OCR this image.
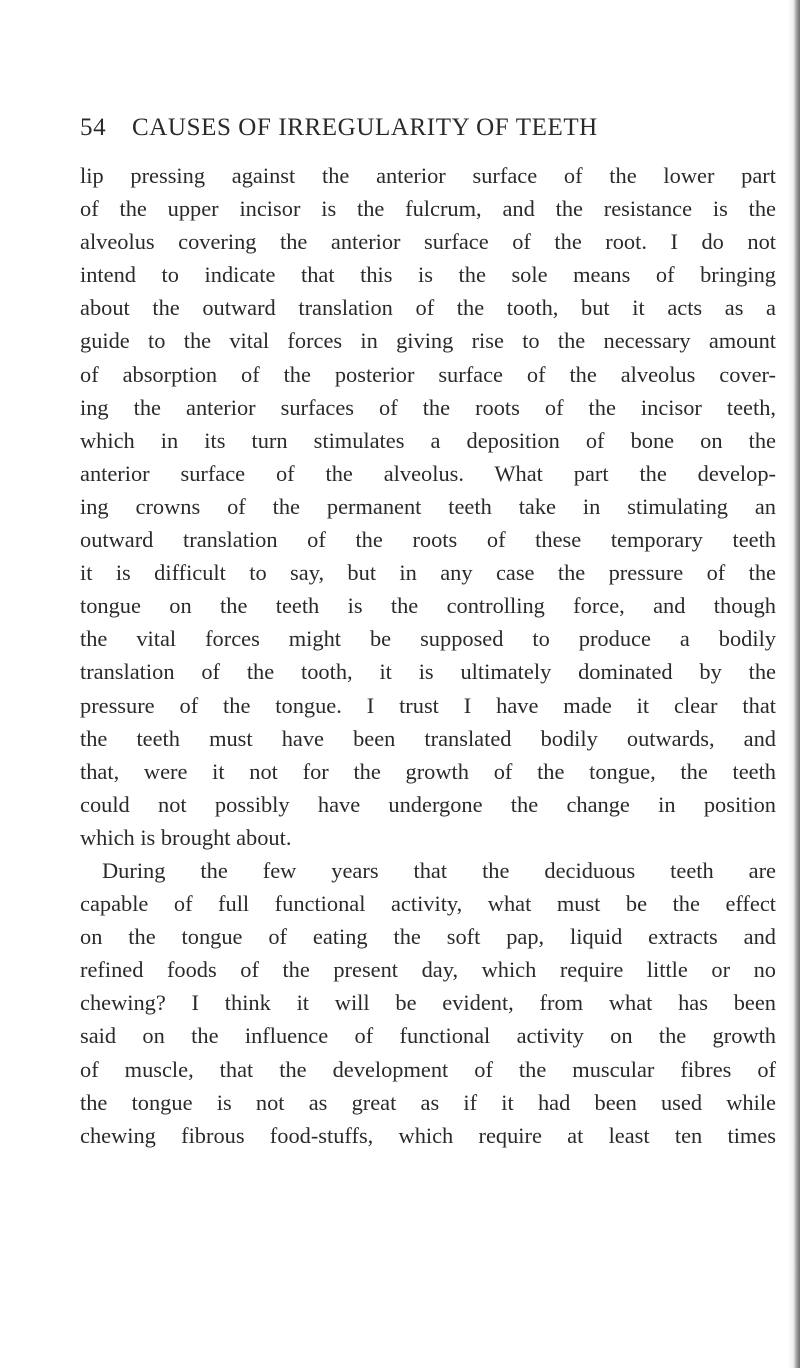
54 CAUSES OF IRREGULARITY OF TEETH
lip pressing against the anterior surface of the lower part
of the upper incisor is the fulcrum, and the resistance is the
alveolus covering the anterior surface of the root. I do not
intend to indicate that this is the sole means of bringing
about the outward translation of the tooth, but it acts as a
guide to the vital forces in giving rise to the necessary amount
of absorption of the posterior surface of the alveolus cover-
ing the anterior surfaces of the roots of the incisor teeth,
which in its turn stimulates a deposition of bone on the
anterior surface of the alveolus. What part the develop-
ing crowns of the permanent teeth take in stimulating an
outward translation of the roots of these temporary teeth
it is difficult to say, but in any case the pressure of the
tongue on the teeth is the controlling force, and though
the vital forces might be supposed to produce a bodily
translation of the tooth, it is ultimately dominated by the
pressure of the tongue. I trust I have made it clear that
the teeth must have been translated bodily outwards, and
that, were it not for the growth of the tongue, the teeth
could not possibly have undergone the change in position
which is brought about.
During the few years that the deciduous teeth are
capable of full functional activity, what must be the effect
on the tongue of eating the soft pap, liquid extracts and
refined foods of the present day, which require little or no
chewing? I think it will be evident, from what has been
said on the influence of functional activity on the growth
of muscle, that the development of the muscular fibres of
the tongue is not as great as if it had been used while
chewing fibrous food-stuffs, which require at least ten times
